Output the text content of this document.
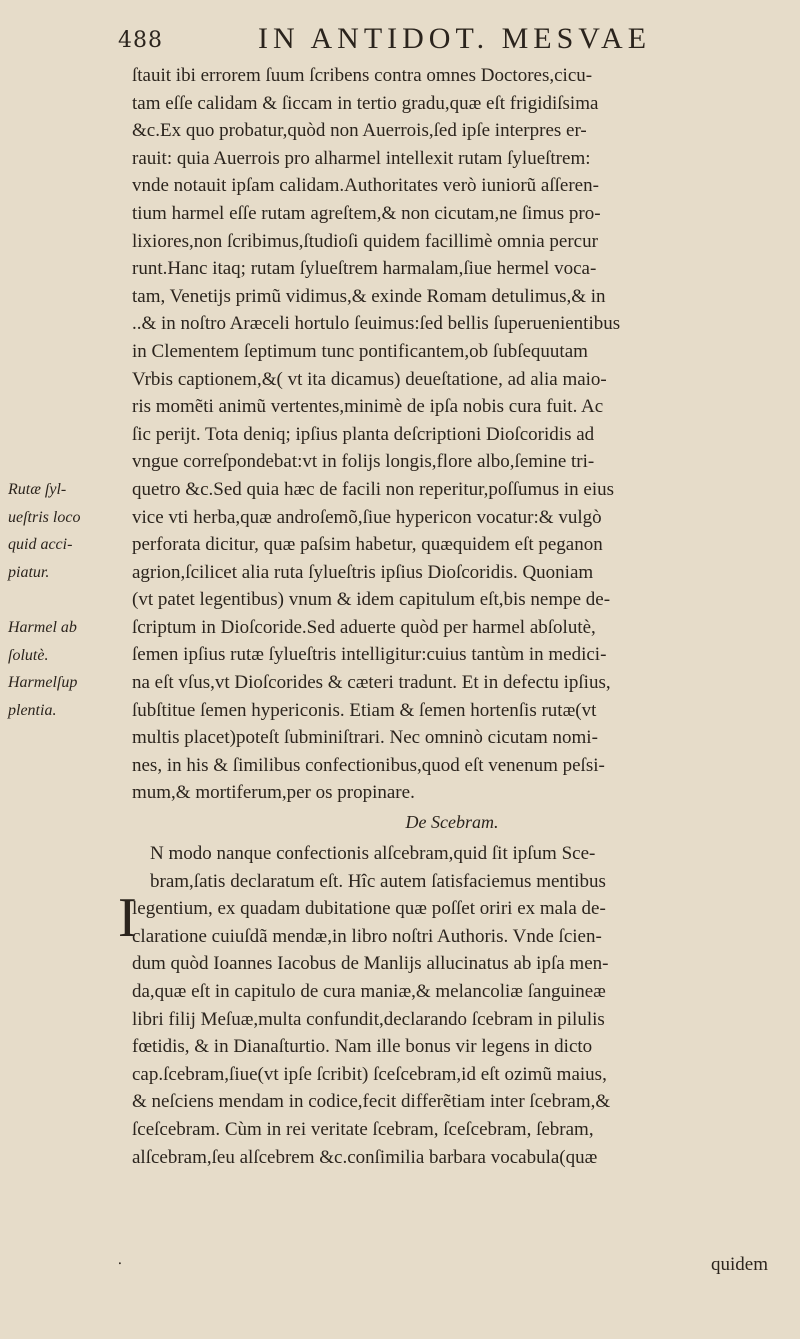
488	IN ANTIDOT. MESVAE
ſtauit ibi errorem ſuum ſcribens contra omnes Doctores,cicu-
tam eſſe calidam & ſiccam in tertio gradu,quæ eſt frigidiſsima
&c.Ex quo probatur,quòd non Auerrois,ſed ipſe interpres er-
rauit: quia Auerrois pro alharmel intellexit rutam ſylueſtrem:
vnde notauit ipſam calidam.Authoritates verò iuniorũ aſſeren-
tium harmel eſſe rutam agreſtem,& non cicutam,ne ſimus pro-
lixiores,non ſcribimus,ſtudioſi quidem facillimè omnia percur
runt.Hanc itaq; rutam ſylueſtrem harmalam,ſiue hermel voca-
tam, Venetijs primũ vidimus,& exinde Romam detulimus,& in
..& in noſtro Aræceli hortulo ſeuimus:ſed bellis ſuperuenientibus
in Clementem ſeptimum tunc pontificantem,ob ſubſequutam
Vrbis captionem,&( vt ita dicamus) deueſtatione, ad alia maio-
ris momẽti animũ vertentes,minimè de ipſa nobis cura fuit. Ac
ſic perijt. Tota deniq; ipſius planta deſcriptioni Dioſcoridis ad
vngue correſpondebat:vt in folijs longis,flore albo,ſemine tri-
quetro &c.Sed quia hæc de facili non reperitur,poſſumus in eius
vice vti herba,quæ androſemõ,ſiue hypericon vocatur:& vulgò
perforata dicitur, quæ paſsim habetur, quæquidem eſt peganon
agrion,ſcilicet alia ruta ſylueſtris ipſius Dioſcoridis. Quoniam
(vt patet legentibus) vnum & idem capitulum eſt,bis nempe de-
ſcriptum in Dioſcoride.Sed aduerte quòd per harmel abſolutè,
ſemen ipſius rutæ ſylueſtris intelligitur:cuius tantùm in medici-
na eſt vſus,vt Dioſcorides & cæteri tradunt. Et in defectu ipſius,
ſubſtitue ſemen hypericonis. Etiam & ſemen hortenſis rutæ(vt
multis placet)poteſt ſubminiſtrari. Nec omninò cicutam nomi-
nes, in his & ſimilibus confectionibus,quod eſt venenum peſsi-
mum,& mortiferum,per os propinare.
De Scebram.
N modo nanque confectionis alſcebram,quid ſit ipſum Sce-
bram,ſatis declaratum eſt. Hîc autem ſatisfaciemus mentibus
legentium, ex quadam dubitatione quæ poſſet oriri ex mala de-
claratione cuiuſdã mendæ,in libro noſtri Authoris. Vnde ſcien-
dum quòd Ioannes Iacobus de Manlijs allucinatus ab ipſa men-
da,quæ eſt in capitulo de cura maniæ,& melancoliæ ſanguineæ
libri filij Meſuæ,multa confundit,declarando ſcebram in pilulis
fœtidis, & in Dianaſturtio. Nam ille bonus vir legens in dicto
cap.ſcebram,ſiue(vt ipſe ſcribit) ſceſcebram,id eſt ozimũ maius,
& neſciens mendam in codice,fecit differẽtiam inter ſcebram,&
ſceſcebram. Cùm in rei veritate ſcebram, ſceſcebram, ſebram,
alſcebram,ſeu alſcebrem &c.conſimilia barbara vocabula(quæ
Rutæ ſyl-
ueſtris loco
quid acci-
piatur.
Harmel ab
ſolutè.
Harmelſup
plentia.
I
⸱	quidem
